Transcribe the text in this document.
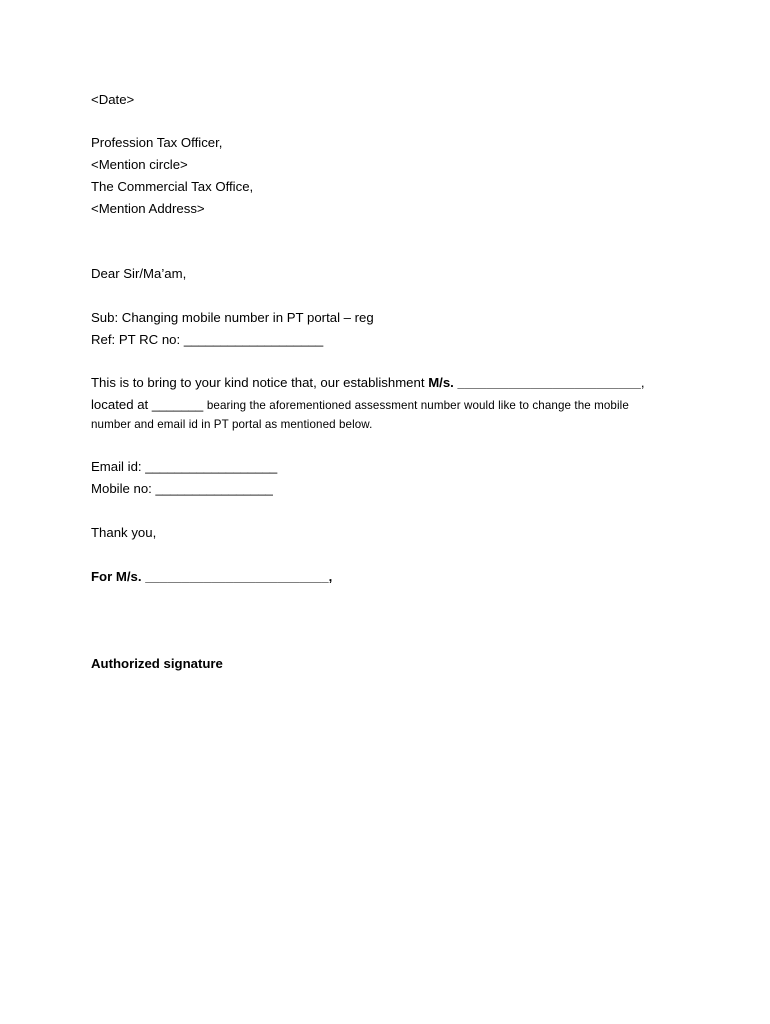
<Date>
Profession Tax Officer,
<Mention circle>
The Commercial Tax Office,
<Mention Address>
Dear Sir/Ma’am,
Sub: Changing mobile number in PT portal – reg
Ref: PT RC no: ___________________
This is to bring to your kind notice that, our establishment M/s. _________________________,
located at _______ bearing the aforementioned assessment number would like to change the mobile
number and email id in PT portal as mentioned below.
Email id: __________________
Mobile no: ________________
Thank you,
For M/s. _________________________,
Authorized signature
